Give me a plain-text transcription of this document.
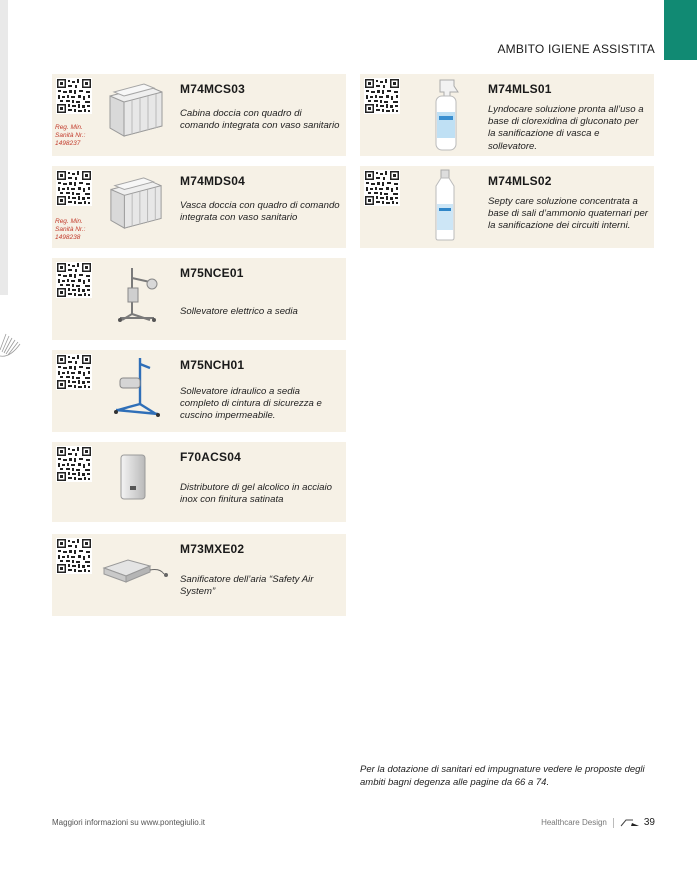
AMBITO IGIENE ASSISTITA
Reg. Min.
Sanità Nr.:
1498237
M74MCS03
Cabina doccia con quadro di comando integrata con vaso sanitario
Reg. Min.
Sanità Nr.:
1498238
M74MDS04
Vasca doccia con quadro di comando integrata con vaso sanitario
M75NCE01
Sollevatore elettrico a sedia
M75NCH01
Sollevatore idraulico a sedia completo di cintura di sicurezza e cuscino impermeabile.
F70ACS04
Distributore di gel alcolico in acciaio inox con finitura satinata
M73MXE02
Sanificatore dell’aria “Safety Air System”
M74MLS01
Lyndocare soluzione pronta all’uso a base di clorexidina di gluconato per la sanificazione di vasca e sollevatore.
M74MLS02
Septy care soluzione concentrata a base di sali d’ammonio quaternari per la sanificazione dei circuiti interni.
Per la dotazione di sanitari ed impugnature vedere le proposte degli ambiti bagni degenza alle pagine da 66 a 74.
Maggiori informazioni su www.pontegiulio.it	Healthcare Design	39
